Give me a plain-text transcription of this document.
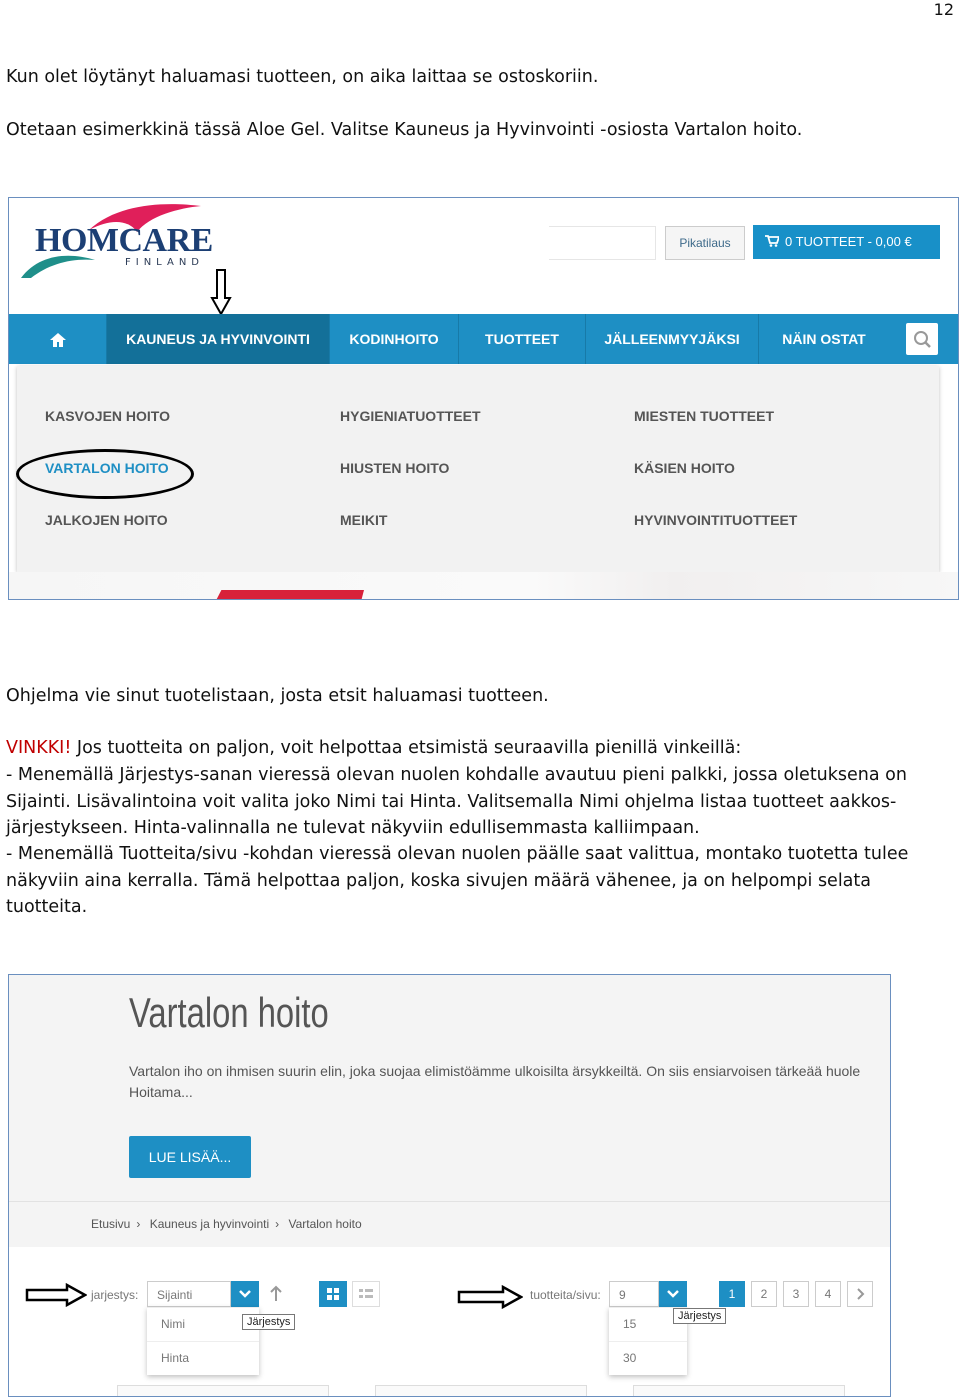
12

Kun olet löytänyt haluamasi tuotteen, on aika laittaa se ostoskoriin.

Otetaan esimerkkinä tässä Aloe Gel. Valitse Kauneus ja Hyvinvointi -osiosta Vartalon hoito.

HOMCARE
FINLAND
Pikatilaus	0 TUOTTEET - 0,00 €
KAUNEUS JA HYVINVOINTI	KODINHOITO	TUOTTEET	JÄLLEENMYYJÄKSI	NÄIN OSTAT
KASVOJEN HOITO
VARTALON HOITO
JALKOJEN HOITO
HYGIENIATUOTTEET
HIUSTEN HOITO
MEIKIT
MIESTEN TUOTTEET
KÄSIEN HOITO
HYVINVOINTITUOTTEET

Ohjelma vie sinut tuotelistaan, josta etsit haluamasi tuotteen.

VINKKI! Jos tuotteita on paljon, voit helpottaa etsimistä seuraavilla pienillä vinkeillä:

- Menemällä Järjestys-sanan vieressä olevan nuolen kohdalle avautuu pieni palkki, jossa oletuksena on Sijainti. Lisävalintoina voit valita joko Nimi tai Hinta. Valitsemalla Nimi ohjelma listaa tuotteet aakkos-järjestykseen. Hinta-valinnalla ne tulevat näkyviin edullisemmasta kalliimpaan.

- Menemällä Tuotteita/sivu -kohdan vieressä olevan nuolen päälle saat valittua, montako tuotetta tulee näkyviin aina kerralla. Tämä helpottaa paljon, koska sivujen määrä vähenee, ja on helpompi selata tuotteita.

Vartalon hoito
Vartalon iho on ihmisen suurin elin, joka suojaa elimistöämme ulkoisilta ärsykkeiltä. On siis ensiarvoisen tärkeää huole
Hoitama...
LUE LISÄÄ...
Etusivu › Kauneus ja hyvinvointi › Vartalon hoito
jarjestys:	Sijainti
Nimi
Hinta
Järjestys
tuotteita/sivu:	9
15
30
Järjestys
1	2	3	4
